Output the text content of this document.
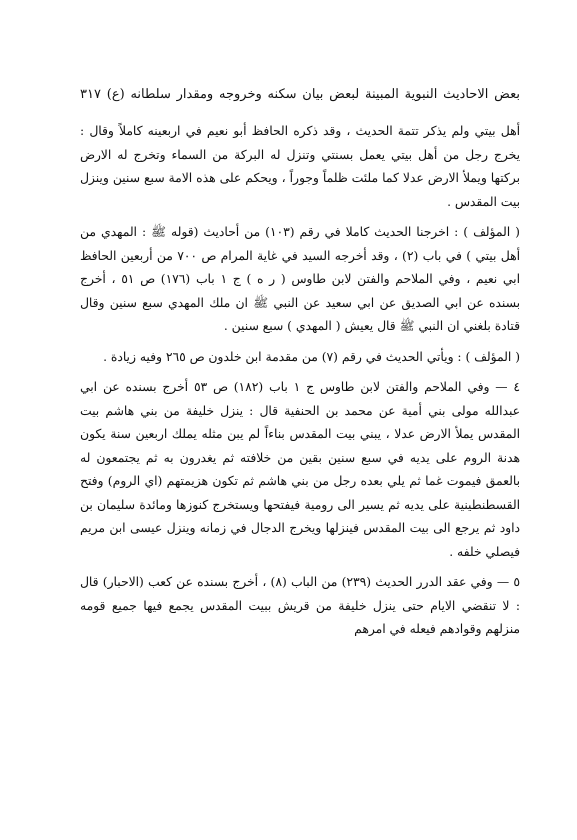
بعض الاحاديث النبوية المبينة لبعض بيان سكنه وخروجه ومقدار سلطانه (ع) ٣١٧

أهل بيتي ولم يذكر تتمة الحديث ، وقد ذكره الحافظ أبو نعيم في اربعينه كاملاً وقال : يخرج رجل من أهل بيتي يعمل بسنتي وتنزل له البركة من السماء وتخرج له الارض بركتها ويملأ الارض عدلا كما ملئت ظلماً وجوراً ، ويحكم على هذه الامة سبع سنين وينزل بيت المقدس .

( المؤلف ) : اخرجنا الحديث كاملا في رقم (١٠٣) من أحاديث (قوله ﷺ : المهدي من أهل بيتي ) في باب (٢) ، وقد أخرجه السيد في غاية المرام ص ٧٠٠ من أربعين الحافظ ابي نعيم ، وفي الملاحم والفتن لابن طاوس ( ر ه ) ج ١ باب (١٧٦) ص ٥١ ، أخرج بسنده عن ابي الصديق عن ابي سعيد عن النبي ﷺ ان ملك المهدي سبع سنين وقال قتادة بلغني ان النبي ﷺ قال يعيش ( المهدي ) سبع سنين .

( المؤلف ) : ويأتي الحديث في رقم (٧) من مقدمة ابن خلدون ص ٢٦٥ وفيه زيادة .

٤ — وفي الملاحم والفتن لابن طاوس ج ١ باب (١٨٢) ص ٥٣ أخرج بسنده عن ابي عبدالله مولى بني أمية عن محمد بن الحنفية قال : ينزل خليفة من بني هاشم بيت المقدس يملأ الارض عدلا ، يبني بيت المقدس بناءاً لم يبن مثله يملك اربعين سنة يكون هدنة الروم على يديه في سبع سنين بقين من خلافته ثم يغدرون به ثم يجتمعون له بالعمق فيموت غما ثم يلي بعده رجل من بني هاشم ثم تكون هزيمتهم (اي الروم) وفتح القسطنطينية على يديه ثم يسير الى رومية فيفتحها ويستخرج كنوزها ومائدة سليمان بن داود ثم يرجع الى بيت المقدس فينزلها ويخرج الدجال في زمانه وينزل عيسى ابن مريم فيصلي خلفه .

٥ — وفي عقد الدرر الحديث (٢٣٩) من الباب (٨) ، أخرج بسنده عن كعب (الاحبار) قال : لا تنقضي الايام حتى ينزل خليفة من قريش ببيت المقدس يجمع فيها جميع قومه منزلهم وقوادهم فيعله في امرهم
